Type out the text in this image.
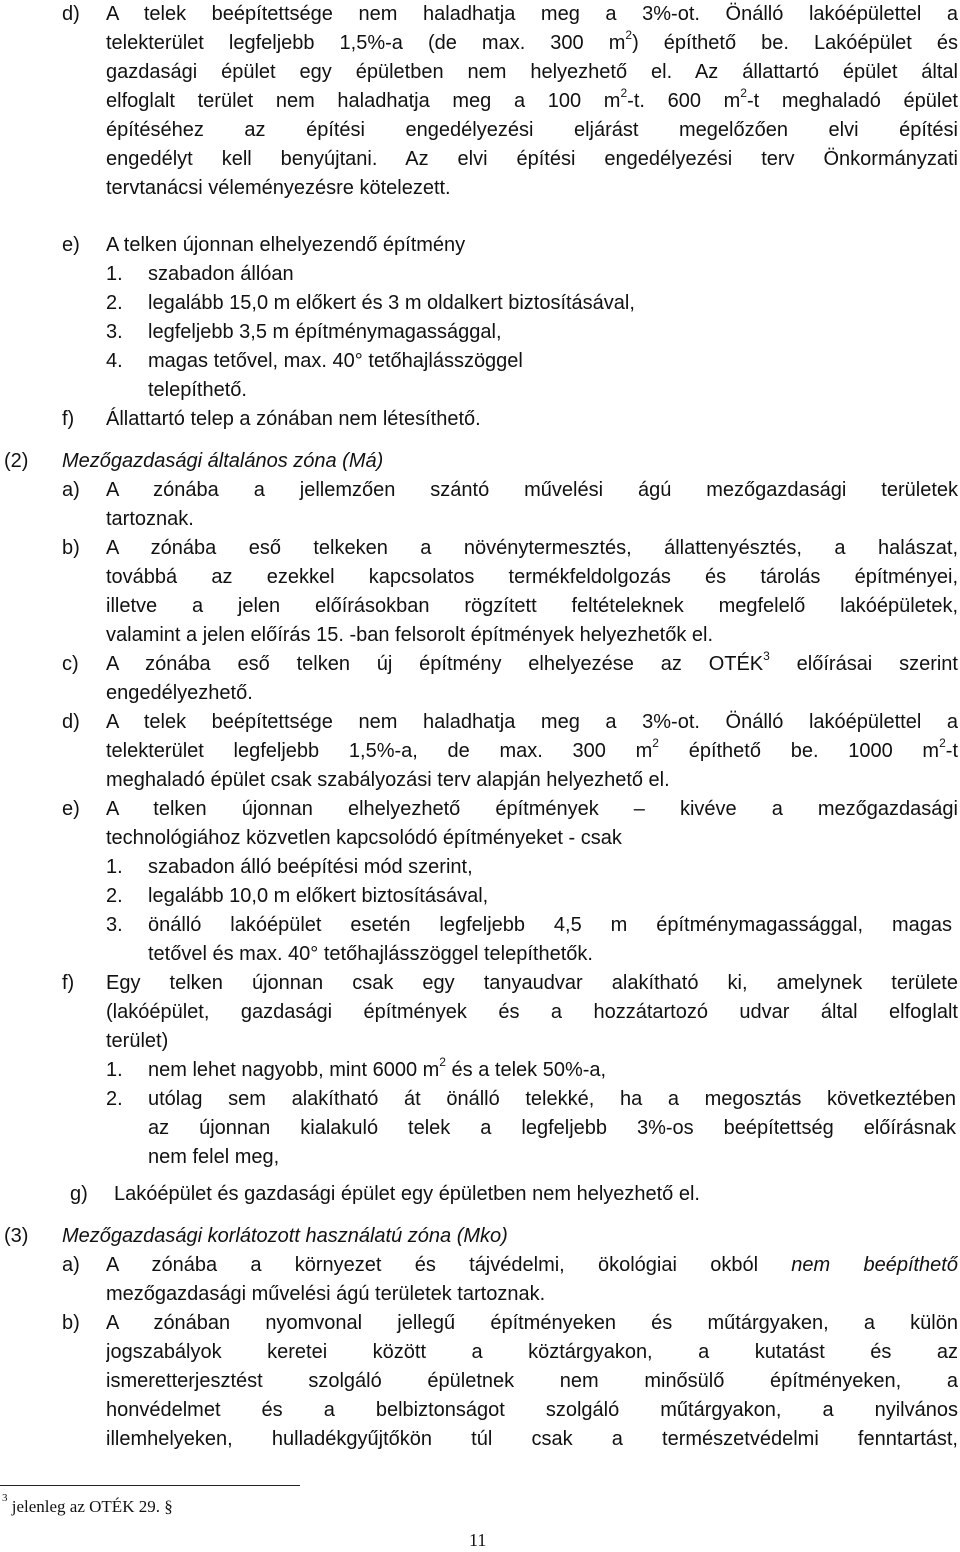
d) A telek beépítettsége nem haladhatja meg a 3%-ot. Önálló lakóépülettel a
telekterület legfeljebb 1,5%-a (de max. 300 $m^2$) építhető be. Lakóépület és
gazdasági épület egy épületben nem helyezhető el. Az állattartó épület által
elfoglalt terület nem haladhatja meg a 100 $m^2-t$. 600 $m^2-t$ meghaladó épület
építéséhez az építési engedélyezési eljárást megelőzően elvi építési
engedélyt kell benyújtani. Az elvi építési engedélyezési terv Önkormányzati
tervtanácsi véleményezésre kötelezett.
e) A telken újonnan elhelyezendő építmény
1. szabadon állóan
2. legalább 15,0 m előkert és 3 m oldalkert biztosításával,
3. legfeljebb 3,5 m építménymagassággal,
4. magas tetővel, max. 40° tetőhajlásszöggel
telepíthető.
f) Állattartó telep a zónában nem létesíthető.
(2) Mezőgazdasági általános zóna (Má)
a) A zónába a jellemzően szántó művelési ágú mezőgazdasági területek
tartoznak.
b) A zónába eső telkeken a növénytermesztés, állattenyésztés, a halászat,
továbbá az ezekkel kapcsolatos termékfeldolgozás és tárolás építményei,
illetve a jelen előírásokban rögzített feltételeknek megfelelő lakóépületek,
valamint a jelen előírás 15. -ban felsorolt építmények helyezhetők el.
c) A zónába eső telken új építmény elhelyezése az OTÉK$^3$ előírásai szerint
engedélyezhető.
d) A telek beépítettsége nem haladhatja meg a 3%-ot. Önálló lakóépülettel a
telekterület legfeljebb 1,5%-a, de max. 300 $m^2$ építhető be. 1000 $m^2-t$
meghaladó épület csak szabályozási terv alapján helyezhető el.
e) A telken újonnan elhelyezhető építmények – kivéve a mezőgazdasági
technológiához közvetlen kapcsolódó építményeket - csak
1. szabadon álló beépítési mód szerint,
2. legalább 10,0 m előkert biztosításával,
3. önálló lakóépület esetén legfeljebb 4,5 m építménymagassággal, magas
tetővel és max. 40° tetőhajlásszöggel telepíthetők.
f) Egy telken újonnan csak egy tanyaudvar alakítható ki, amelynek területe
(lakóépület, gazdasági építmények és a hozzátartozó udvar által elfoglalt
terület)
1. nem lehet nagyobb, mint 6000 $m^2$ és a telek 50%-a,
2. utólag sem alakítható át önálló telekké, ha a megosztás következtében
az újonnan kialakuló telek a legfeljebb 3%-os beépítettség előírásnak
nem felel meg,
g) Lakóépület és gazdasági épület egy épületben nem helyezhető el.
(3) Mezőgazdasági korlátozott használatú zóna (Mko)
a) A zónába a környezet és tájvédelmi, ökológiai okból nem beépíthető
mezőgazdasági művelési ágú területek tartoznak.
b) A zónában nyomvonal jellegű építményeken és műtárgyaken, a külön
jogszabályok keretei között a köztárgyakon, a kutatást és az
ismeretterjesztést szolgáló épületnek nem minősülő építményeken, a
honvédelmet és a belbiztonságot szolgáló műtárgyakon, a nyilvános
illemhelyeken, hulladékgyűjtőkön túl csak a természetvédelmi fenntartást,
$^3$ jelenleg az OTÉK 29. §
11
